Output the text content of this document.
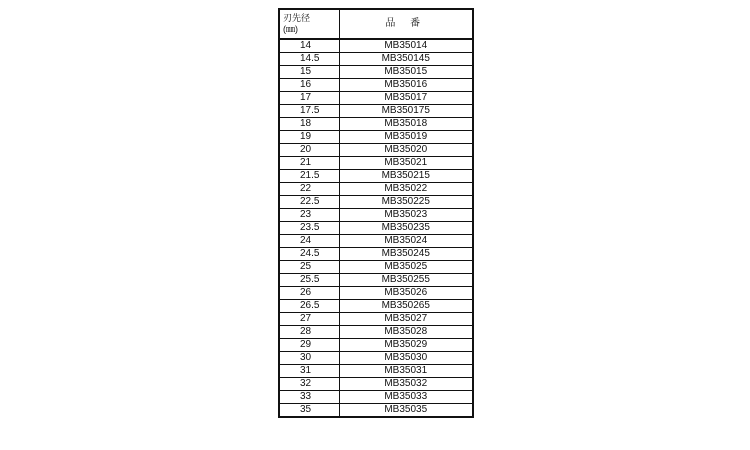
刃先径
(㎜)	品 番
14	MB35014
14.5	MB350145
15	MB35015
16	MB35016
17	MB35017
17.5	MB350175
18	MB35018
19	MB35019
20	MB35020
21	MB35021
21.5	MB350215
22	MB35022
22.5	MB350225
23	MB35023
23.5	MB350235
24	MB35024
24.5	MB350245
25	MB35025
25.5	MB350255
26	MB35026
26.5	MB350265
27	MB35027
28	MB35028
29	MB35029
30	MB35030
31	MB35031
32	MB35032
33	MB35033
35	MB35035
